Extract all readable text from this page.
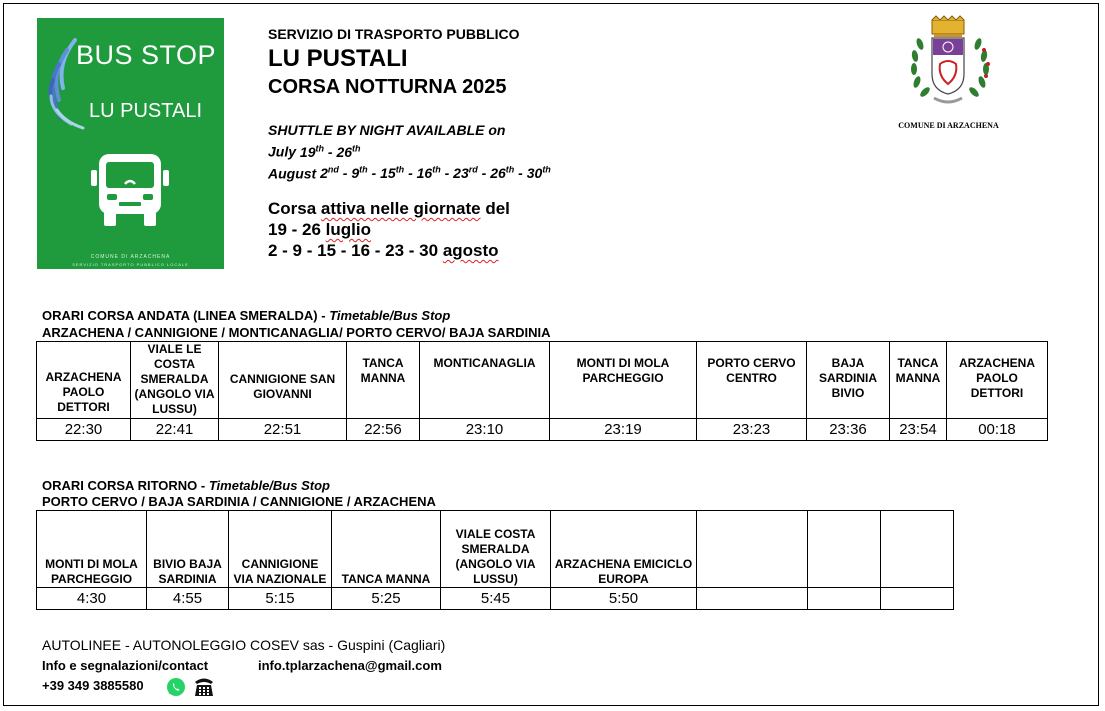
BUS STOP
LU PUSTALI
COMUNE DI ARZACHENA
SERVIZIO TRASPORTO PUBBLICO LOCALE
SERVIZIO DI TRASPORTO PUBBLICO
LU PUSTALI
CORSA NOTTURNA 2025
SHUTTLE BY NIGHT AVAILABLE on
July 19th - 26th
August 2nd - 9th - 15th - 16th - 23rd - 26th - 30th
Corsa attiva nelle giornate del
19 - 26 luglio
2 - 9 - 15 - 16 - 23 - 30 agosto
COMUNE DI ARZACHENA
ORARI CORSA ANDATA (LINEA SMERALDA) - Timetable/Bus Stop
ARZACHENA / CANNIGIONE / MONTICANAGLIA/ PORTO CERVO/ BAJA SARDINIA
ARZACHENA PAOLO DETTORI	VIALE LE COSTA SMERALDA (ANGOLO VIA LUSSU)	CANNIGIONE SAN GIOVANNI	TANCA MANNA	MONTICANAGLIA	MONTI DI MOLA PARCHEGGIO	PORTO CERVO CENTRO	BAJA SARDINIA BIVIO	TANCA MANNA	ARZACHENA PAOLO DETTORI
22:30	22:41	22:51	22:56	23:10	23:19	23:23	23:36	23:54	00:18
ORARI CORSA RITORNO - Timetable/Bus Stop
PORTO CERVO / BAJA SARDINIA / CANNIGIONE / ARZACHENA
MONTI DI MOLA PARCHEGGIO	BIVIO BAJA SARDINIA	CANNIGIONE VIA NAZIONALE	TANCA MANNA	VIALE COSTA SMERALDA (ANGOLO VIA LUSSU)	ARZACHENA EMICICLO EUROPA			
4:30	4:55	5:15	5:25	5:45	5:50			
AUTOLINEE - AUTONOLEGGIO COSEV sas - Guspini (Cagliari)
Info e segnalazioni/contact	info.tplarzachena@gmail.com
+39 349 3885580
